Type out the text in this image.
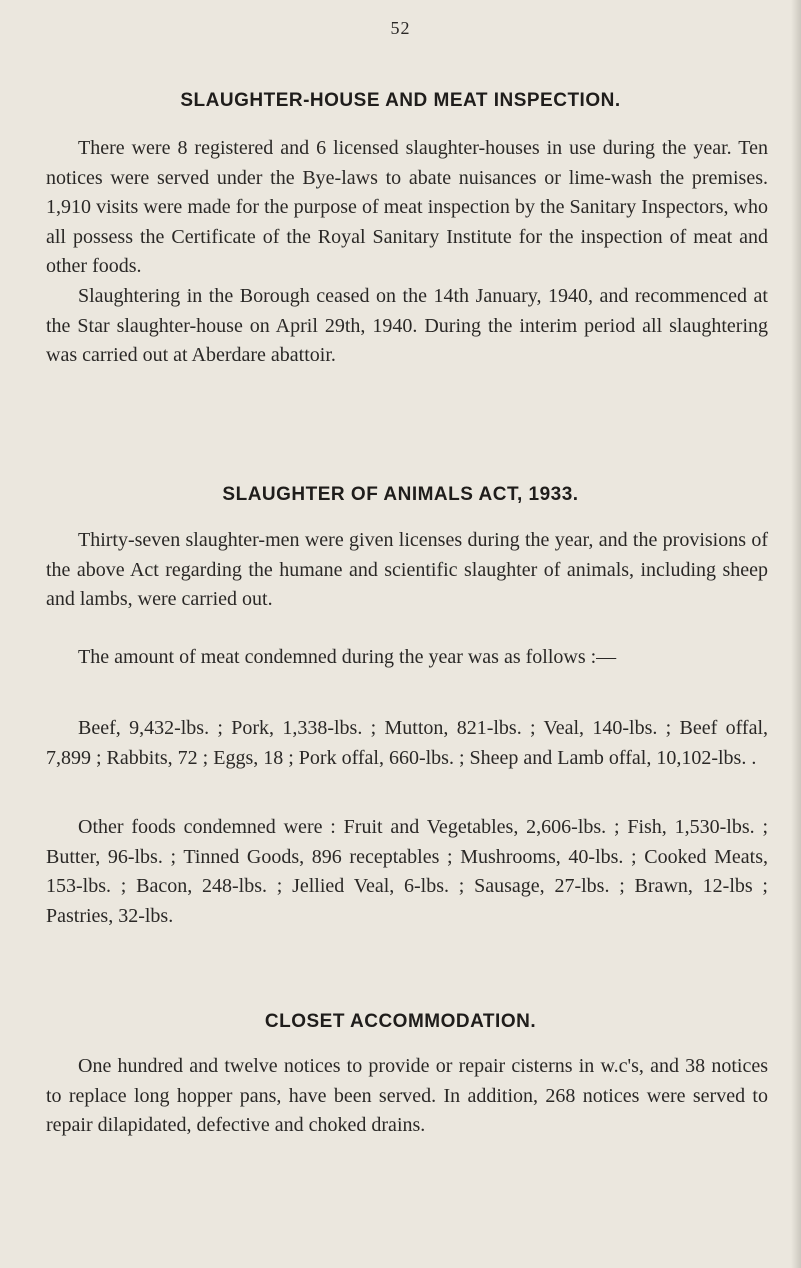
52
SLAUGHTER-HOUSE AND MEAT INSPECTION.

There were 8 registered and 6 licensed slaughter-houses in use during the year. Ten notices were served under the Bye-laws to abate nuisances or lime-wash the premises. 1,910 visits were made for the purpose of meat inspection by the Sanitary Inspectors, who all possess the Certificate of the Royal Sanitary Institute for the inspection of meat and other foods.

Slaughtering in the Borough ceased on the 14th January, 1940, and recommenced at the Star slaughter-house on April 29th, 1940. During the interim period all slaughtering was carried out at Aberdare abattoir.

SLAUGHTER OF ANIMALS ACT, 1933.

Thirty-seven slaughter-men were given licenses during the year, and the provisions of the above Act regarding the humane and scientific slaughter of animals, including sheep and lambs, were carried out.

The amount of meat condemned during the year was as follows :—

Beef, 9,432-lbs. ; Pork, 1,338-lbs. ; Mutton, 821-lbs. ; Veal, 140-lbs. ; Beef offal, 7,899 ; Rabbits, 72 ; Eggs, 18 ; Pork offal, 660-lbs. ; Sheep and Lamb offal, 10,102-lbs. .

Other foods condemned were : Fruit and Vegetables, 2,606-lbs. ; Fish, 1,530-lbs. ; Butter, 96-lbs. ; Tinned Goods, 896 receptables ; Mushrooms, 40-lbs. ; Cooked Meats, 153-lbs. ; Bacon, 248-lbs. ; Jellied Veal, 6-lbs. ; Sausage, 27-lbs. ; Brawn, 12-lbs ; Pastries, 32-lbs.

CLOSET ACCOMMODATION.

One hundred and twelve notices to provide or repair cisterns in w.c's, and 38 notices to replace long hopper pans, have been served. In addition, 268 notices were served to repair dilapidated, defective and choked drains.
